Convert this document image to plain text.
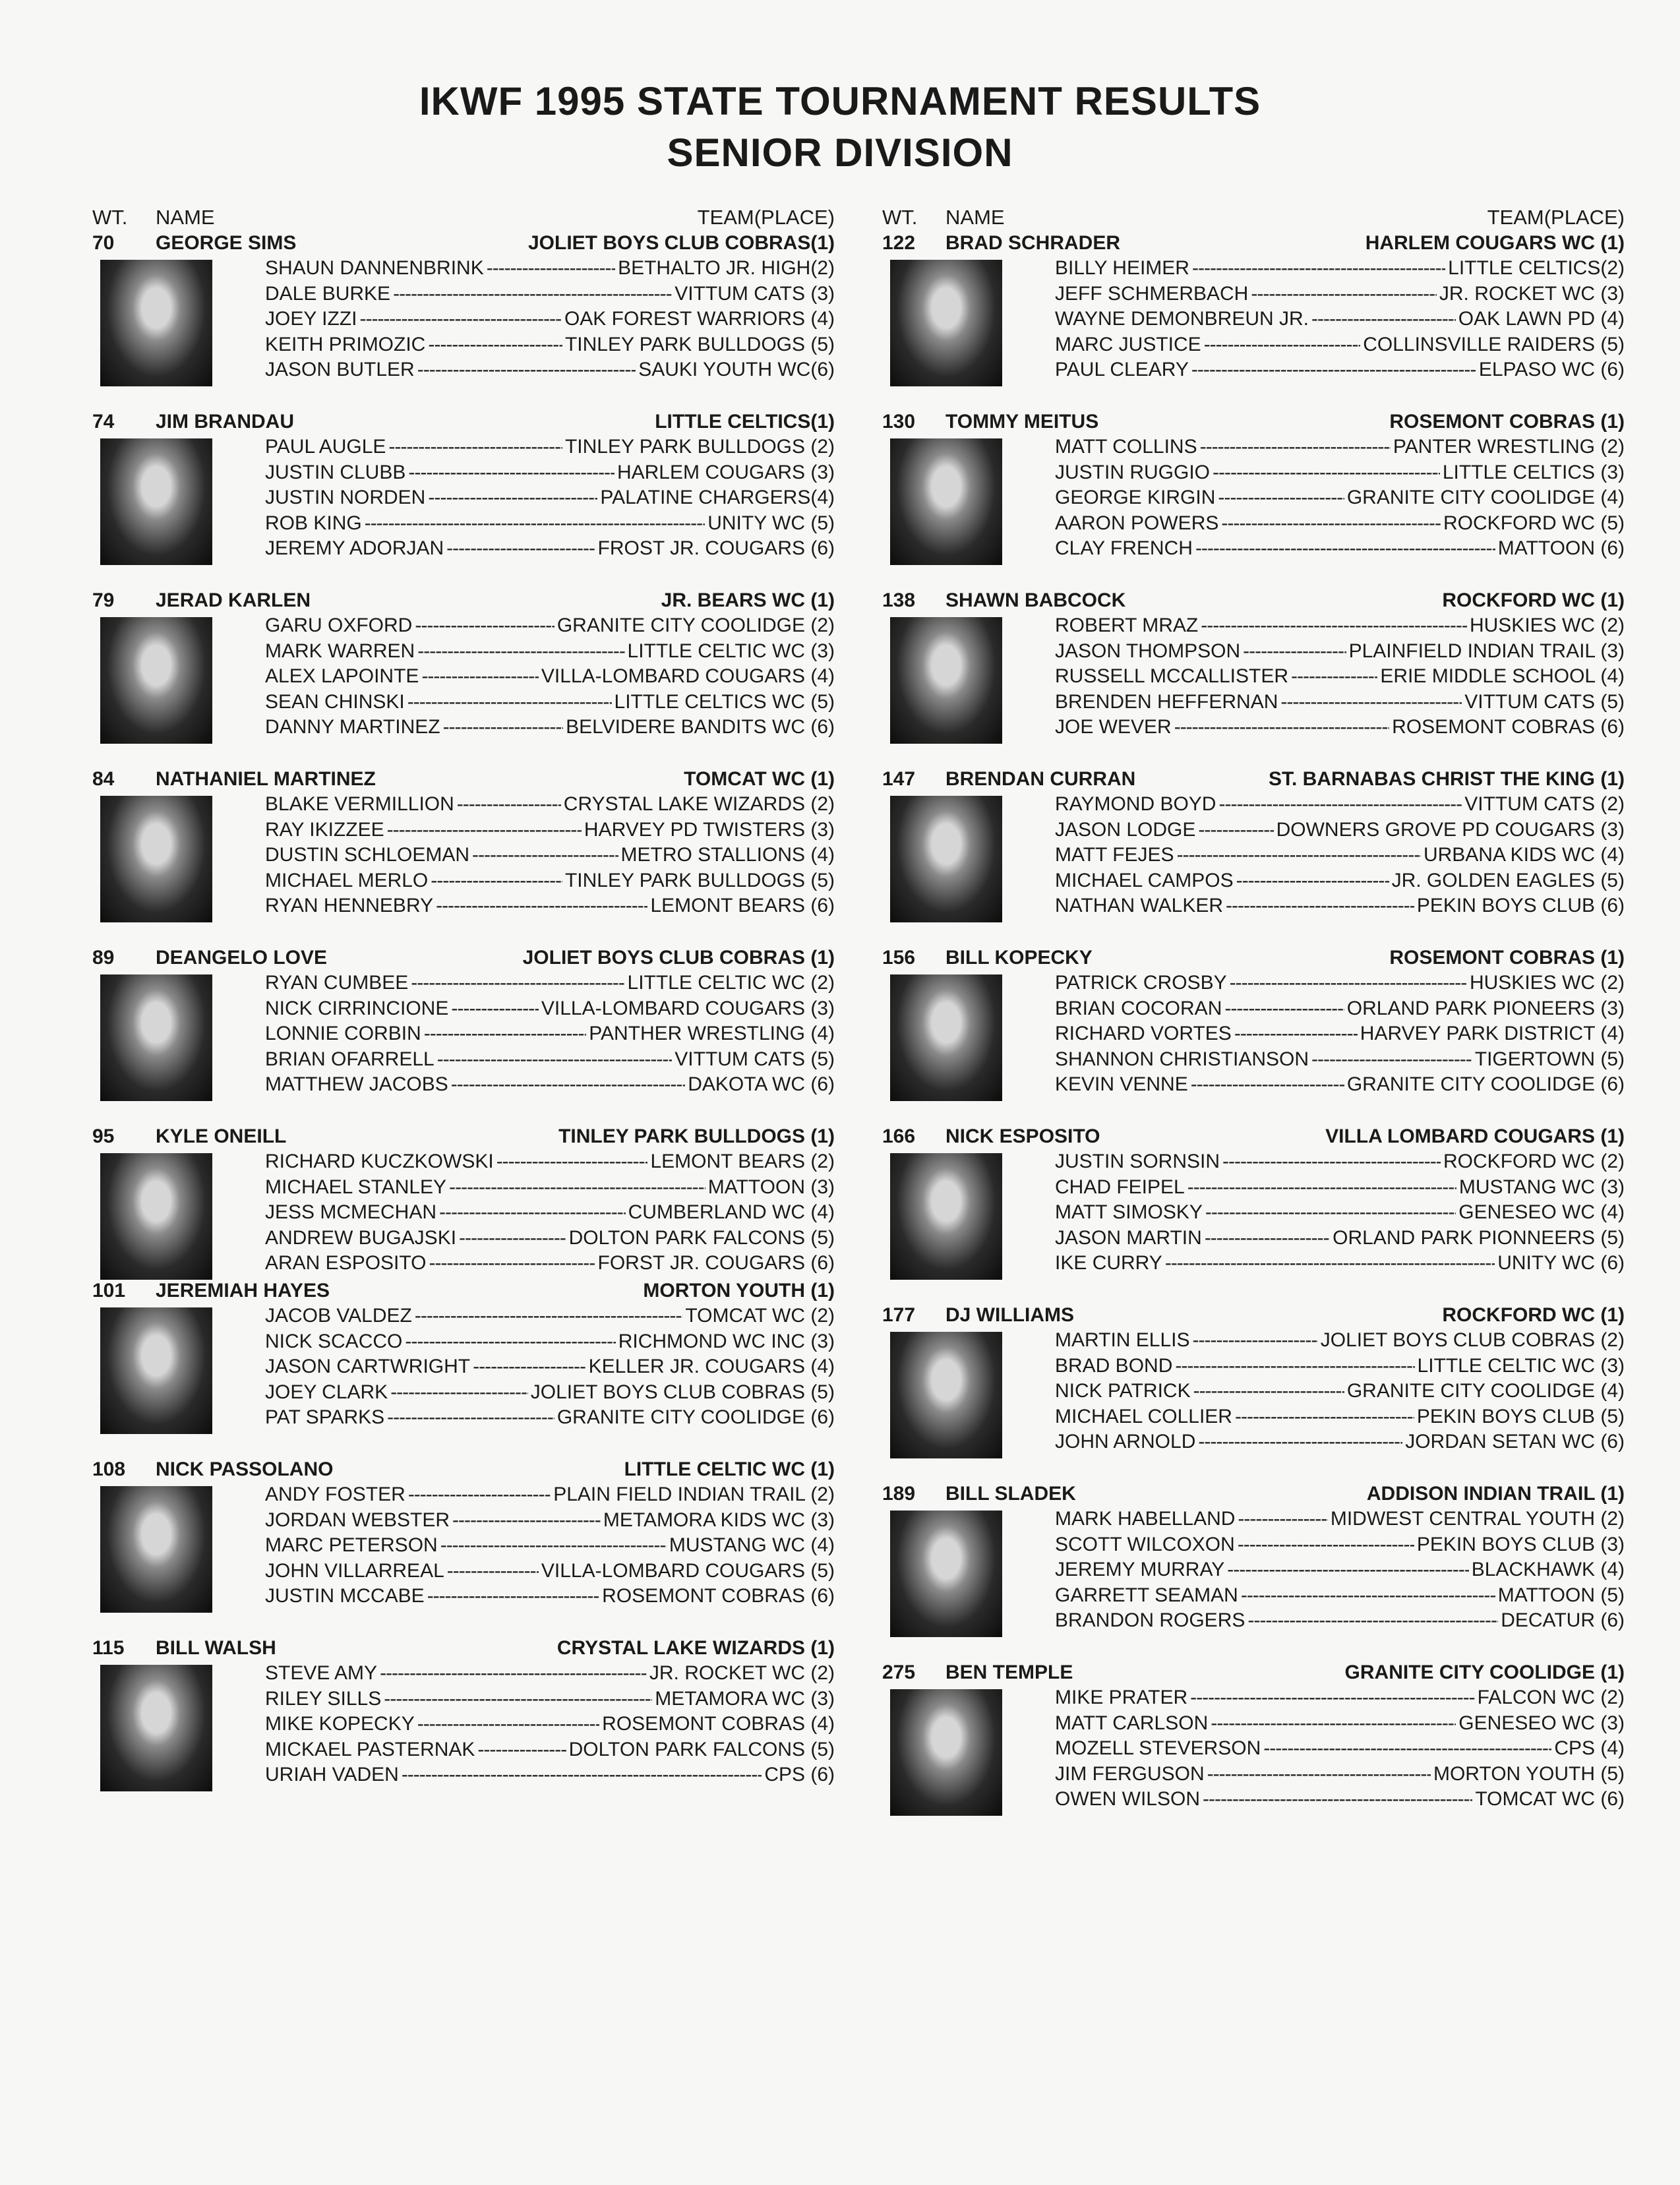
IKWF 1995 STATE TOURNAMENT RESULTS
SENIOR DIVISION
WT. NAME	TEAM(PLACE)
70 GEORGE SIMS	JOLIET BOYS CLUB COBRAS(1)
SHAUN DANNENBRINK -----	BETHALTO JR. HIGH(2)
DALE BURKE -----	VITTUM CATS (3)
JOEY IZZI -----	OAK FOREST WARRIORS (4)
KEITH PRIMOZIC -----	TINLEY PARK BULLDOGS (5)
JASON BUTLER -----	SAUKI YOUTH WC(6)
74 JIM BRANDAU	LITTLE CELTICS(1)
PAUL AUGLE -----	TINLEY PARK BULLDOGS (2)
JUSTIN CLUBB -----	HARLEM COUGARS (3)
JUSTIN NORDEN -----	PALATINE CHARGERS(4)
ROB KING -----	UNITY WC (5)
JEREMY ADORJAN -----	FROST JR. COUGARS (6)
79 JERAD KARLEN	JR. BEARS WC (1)
GARU OXFORD -----	GRANITE CITY COOLIDGE (2)
MARK WARREN -----	LITTLE CELTIC WC (3)
ALEX LAPOINTE -----	VILLA-LOMBARD COUGARS (4)
SEAN CHINSKI -----	LITTLE CELTICS WC (5)
DANNY MARTINEZ -----	BELVIDERE BANDITS WC (6)
84 NATHANIEL MARTINEZ	TOMCAT WC (1)
BLAKE VERMILLION -----	CRYSTAL LAKE WIZARDS (2)
RAY IKIZZEE -----	HARVEY PD TWISTERS (3)
DUSTIN SCHLOEMAN -----	METRO STALLIONS (4)
MICHAEL MERLO -----	TINLEY PARK BULLDOGS (5)
RYAN HENNEBRY -----	LEMONT BEARS (6)
89 DEANGELO LOVE	JOLIET BOYS CLUB COBRAS (1)
RYAN CUMBEE -----	LITTLE CELTIC WC (2)
NICK CIRRINCIONE -----	VILLA-LOMBARD COUGARS (3)
LONNIE CORBIN -----	PANTHER WRESTLING (4)
BRIAN OFARRELL -----	VITTUM CATS (5)
MATTHEW JACOBS -----	DAKOTA WC (6)
95 KYLE ONEILL	TINLEY PARK BULLDOGS (1)
RICHARD KUCZKOWSKI -----	LEMONT BEARS (2)
MICHAEL STANLEY -----	MATTOON (3)
JESS MCMECHAN -----	CUMBERLAND WC (4)
ANDREW BUGAJSKI -----	DOLTON PARK FALCONS (5)
ARAN ESPOSITO -----	FORST JR. COUGARS (6)
101 JEREMIAH HAYES	MORTON YOUTH (1)
JACOB VALDEZ -----	TOMCAT WC (2)
NICK SCACCO -----	RICHMOND WC INC (3)
JASON CARTWRIGHT -----	KELLER JR. COUGARS (4)
JOEY CLARK -----	JOLIET BOYS CLUB COBRAS (5)
PAT SPARKS -----	GRANITE CITY COOLIDGE (6)
108 NICK PASSOLANO	LITTLE CELTIC WC (1)
ANDY FOSTER -----	PLAIN FIELD INDIAN TRAIL (2)
JORDAN WEBSTER -----	METAMORA KIDS WC (3)
MARC PETERSON -----	MUSTANG WC (4)
JOHN VILLARREAL -----	VILLA-LOMBARD COUGARS (5)
JUSTIN MCCABE -----	ROSEMONT COBRAS (6)
115 BILL WALSH	CRYSTAL LAKE WIZARDS (1)
STEVE AMY -----	JR. ROCKET WC (2)
RILEY SILLS -----	METAMORA WC (3)
MIKE KOPECKY -----	ROSEMONT COBRAS (4)
MICKAEL PASTERNAK -----	DOLTON PARK FALCONS (5)
URIAH VADEN -----	CPS (6)
WT. NAME	TEAM(PLACE)
122 BRAD SCHRADER	HARLEM COUGARS WC (1)
BILLY HEIMER -----	LITTLE CELTICS(2)
JEFF SCHMERBACH -----	JR. ROCKET WC (3)
WAYNE DEMONBREUN JR. -----	OAK LAWN PD (4)
MARC JUSTICE -----	COLLINSVILLE RAIDERS (5)
PAUL CLEARY -----	ELPASO WC (6)
130 TOMMY MEITUS	ROSEMONT COBRAS (1)
MATT COLLINS -----	PANTER WRESTLING (2)
JUSTIN RUGGIO -----	LITTLE CELTICS (3)
GEORGE KIRGIN -----	GRANITE CITY COOLIDGE (4)
AARON POWERS -----	ROCKFORD WC (5)
CLAY FRENCH -----	MATTOON (6)
138 SHAWN BABCOCK	ROCKFORD WC (1)
ROBERT MRAZ -----	HUSKIES WC (2)
JASON THOMPSON -----	PLAINFIELD INDIAN TRAIL (3)
RUSSELL MCCALLISTER -----	ERIE MIDDLE SCHOOL (4)
BRENDEN HEFFERNAN -----	VITTUM CATS (5)
JOE WEVER -----	ROSEMONT COBRAS (6)
147 BRENDAN CURRAN	ST. BARNABAS CHRIST THE KING (1)
RAYMOND BOYD -----	VITTUM CATS (2)
JASON LODGE -----	DOWNERS GROVE PD COUGARS (3)
MATT FEJES -----	URBANA KIDS WC (4)
MICHAEL CAMPOS -----	JR. GOLDEN EAGLES (5)
NATHAN WALKER -----	PEKIN BOYS CLUB (6)
156 BILL KOPECKY	ROSEMONT COBRAS (1)
PATRICK CROSBY -----	HUSKIES WC (2)
BRIAN COCORAN -----	ORLAND PARK PIONEERS (3)
RICHARD VORTES -----	HARVEY PARK DISTRICT (4)
SHANNON CHRISTIANSON -----	TIGERTOWN (5)
KEVIN VENNE -----	GRANITE CITY COOLIDGE (6)
166 NICK ESPOSITO	VILLA LOMBARD COUGARS (1)
JUSTIN SORNSIN -----	ROCKFORD WC (2)
CHAD FEIPEL -----	MUSTANG WC (3)
MATT SIMOSKY -----	GENESEO WC (4)
JASON MARTIN -----	ORLAND PARK PIONNEERS (5)
IKE CURRY -----	UNITY WC (6)
177 DJ WILLIAMS	ROCKFORD WC (1)
MARTIN ELLIS -----	JOLIET BOYS CLUB COBRAS (2)
BRAD BOND -----	LITTLE CELTIC WC (3)
NICK PATRICK -----	GRANITE CITY COOLIDGE (4)
MICHAEL COLLIER -----	PEKIN BOYS CLUB (5)
JOHN ARNOLD -----	JORDAN SETAN WC (6)
189 BILL SLADEK	ADDISON INDIAN TRAIL (1)
MARK HABELLAND -----	MIDWEST CENTRAL YOUTH (2)
SCOTT WILCOXON -----	PEKIN BOYS CLUB (3)
JEREMY MURRAY -----	BLACKHAWK (4)
GARRETT SEAMAN -----	MATTOON (5)
BRANDON ROGERS -----	DECATUR (6)
275 BEN TEMPLE	GRANITE CITY COOLIDGE (1)
MIKE PRATER -----	FALCON WC (2)
MATT CARLSON -----	GENESEO WC (3)
MOZELL STEVERSON -----	CPS (4)
JIM FERGUSON -----	MORTON YOUTH (5)
OWEN WILSON -----	TOMCAT WC (6)
